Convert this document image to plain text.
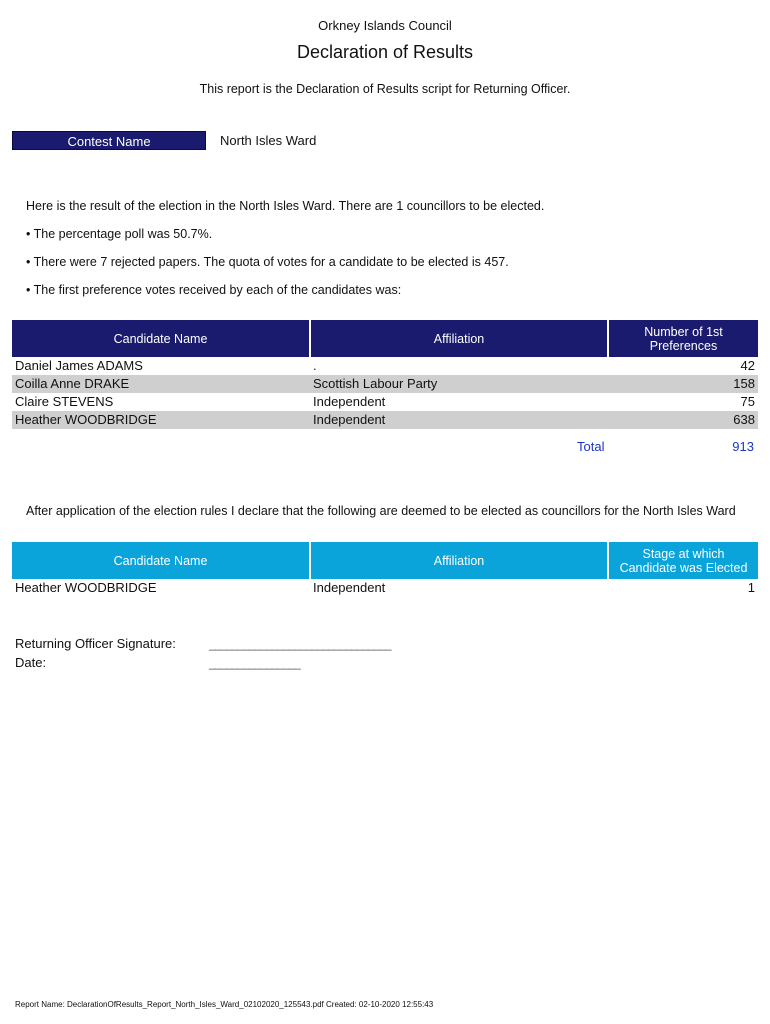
Orkney Islands Council
Declaration of Results
This report is the Declaration of Results script for Returning Officer.
Contest Name	North Isles Ward
Here is the result of the election in the North Isles Ward. There are 1 councillors to be elected.
• The percentage poll was 50.7%.
• There were 7 rejected papers. The quota of votes for a candidate to be elected is 457.
• The first preference votes received by each of the candidates was:
Candidate Name	Affiliation	Number of 1st Preferences
Daniel James ADAMS	.	42
Coilla Anne DRAKE	Scottish Labour Party	158
Claire STEVENS	Independent	75
Heather WOODBRIDGE	Independent	638
Total	913
After application of the election rules I declare that the following are deemed to be elected as councillors for the North Isles Ward
Candidate Name	Affiliation	Stage at which Candidate was Elected
Heather WOODBRIDGE	Independent	1
Returning Officer Signature:	________________________________
Date:	________________
Report Name: DeclarationOfResults_Report_North_Isles_Ward_02102020_125543.pdf Created: 02-10-2020 12:55:43
